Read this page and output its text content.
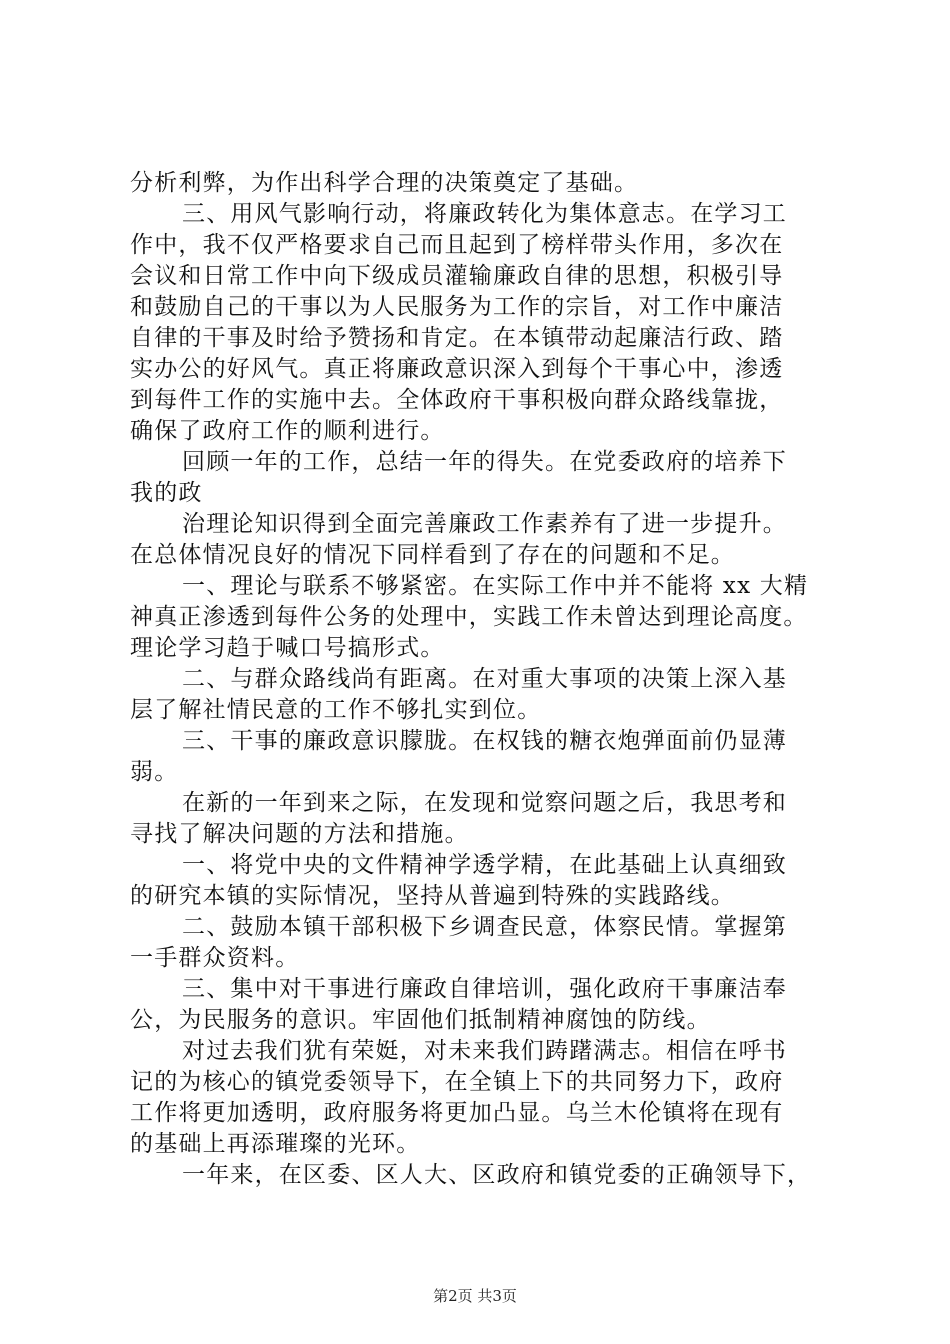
分析利弊，为作出科学合理的决策奠定了基础。
三、用风气影响行动，将廉政转化为集体意志。在学习工
作中，我不仅严格要求自己而且起到了榜样带头作用，多次在
会议和日常工作中向下级成员灌输廉政自律的思想，积极引导
和鼓励自己的干事以为人民服务为工作的宗旨，对工作中廉洁
自律的干事及时给予赞扬和肯定。在本镇带动起廉洁行政、踏
实办公的好风气。真正将廉政意识深入到每个干事心中，渗透
到每件工作的实施中去。全体政府干事积极向群众路线靠拢，
确保了政府工作的顺利进行。
回顾一年的工作，总结一年的得失。在党委政府的培养下
我的政
治理论知识得到全面完善廉政工作素养有了进一步提升。
在总体情况良好的情况下同样看到了存在的问题和不足。
一、理论与联系不够紧密。在实际工作中并不能将 xx 大精
神真正渗透到每件公务的处理中，实践工作未曾达到理论高度。
理论学习趋于喊口号搞形式。
二、与群众路线尚有距离。在对重大事项的决策上深入基
层了解社情民意的工作不够扎实到位。
三、干事的廉政意识朦胧。在权钱的糖衣炮弹面前仍显薄
弱。
在新的一年到来之际，在发现和觉察问题之后，我思考和
寻找了解决问题的方法和措施。
一、将党中央的文件精神学透学精，在此基础上认真细致
的研究本镇的实际情况，坚持从普遍到特殊的实践路线。
二、鼓励本镇干部积极下乡调查民意，体察民情。掌握第
一手群众资料。
三、集中对干事进行廉政自律培训，强化政府干事廉洁奉
公，为民服务的意识。牢固他们抵制精神腐蚀的防线。
对过去我们犹有荣娗，对未来我们踌躇满志。相信在呼书
记的为核心的镇党委领导下，在全镇上下的共同努力下，政府
工作将更加透明，政府服务将更加凸显。乌兰木伦镇将在现有
的基础上再添璀璨的光环。
一年来，在区委、区人大、区政府和镇党委的正确领导下，
第2页 共3页
